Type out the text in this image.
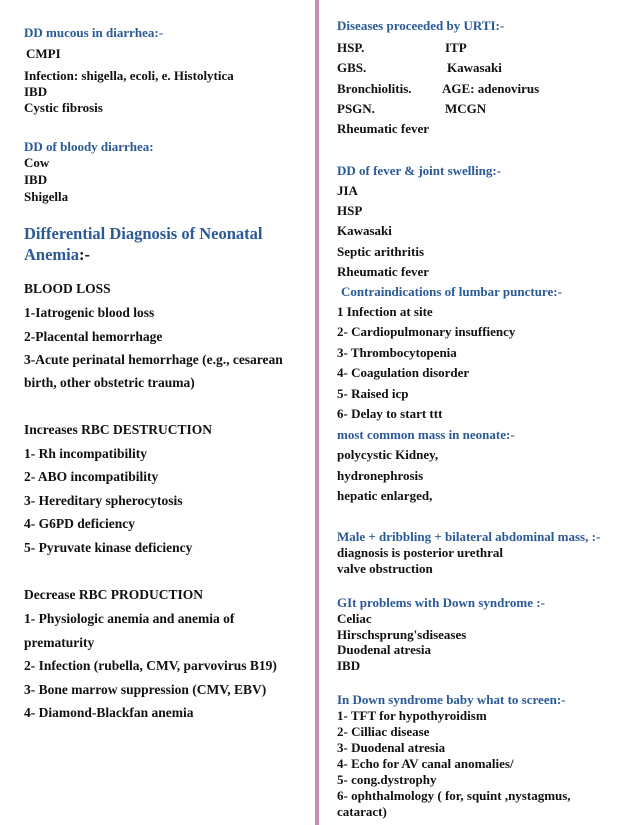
DD mucous in diarrhea:-
CMPI
Infection: shigella, ecoli, e. Histolytica
IBD
Cystic fibrosis
DD of bloody diarrhea:
Cow
IBD
Shigella
Differential Diagnosis of Neonatal
Anemia:-
BLOOD LOSS
1-Iatrogenic blood loss
2-Placental hemorrhage
3-Acute perinatal hemorrhage (e.g., cesarean
birth, other obstetric trauma)
Increases RBC DESTRUCTION
1- Rh incompatibility
2- ABO incompatibility
3- Hereditary spherocytosis
4- G6PD deficiency
5- Pyruvate kinase deficiency
Decrease RBC PRODUCTION
1- Physiologic anemia and anemia of
prematurity
2- Infection (rubella, CMV, parvovirus B19)
3- Bone marrow suppression (CMV, EBV)
4- Diamond-Blackfan anemia
Diseases proceeded by URTI:-
HSP.	ITP
GBS.	Kawasaki
Bronchiolitis. AGE: adenovirus
PSGN.	MCGN
Rheumatic fever
DD of fever & joint swelling:-
JIA
HSP
Kawasaki
Septic arithritis
Rheumatic fever
Contraindications of lumbar puncture:-
1 Infection at site
2- Cardiopulmonary insuffiency
3- Thrombocytopenia
4- Coagulation disorder
5- Raised icp
6- Delay to start ttt
most common mass in neonate:-
polycystic Kidney,
hydronephrosis
hepatic enlarged,
Male + dribbling + bilateral abdominal mass, :-
diagnosis is posterior urethral
valve obstruction
GIt problems with Down syndrome :-
Celiac
Hirschsprung'sdiseases
Duodenal atresia
IBD
In Down syndrome baby what to screen:-
1- TFT for hypothyroidism
2- Cilliac disease
3- Duodenal atresia
4- Echo for AV canal anomalies/
5- cong.dystrophy
6- ophthalmology ( for, squint ,nystagmus,
cataract)
